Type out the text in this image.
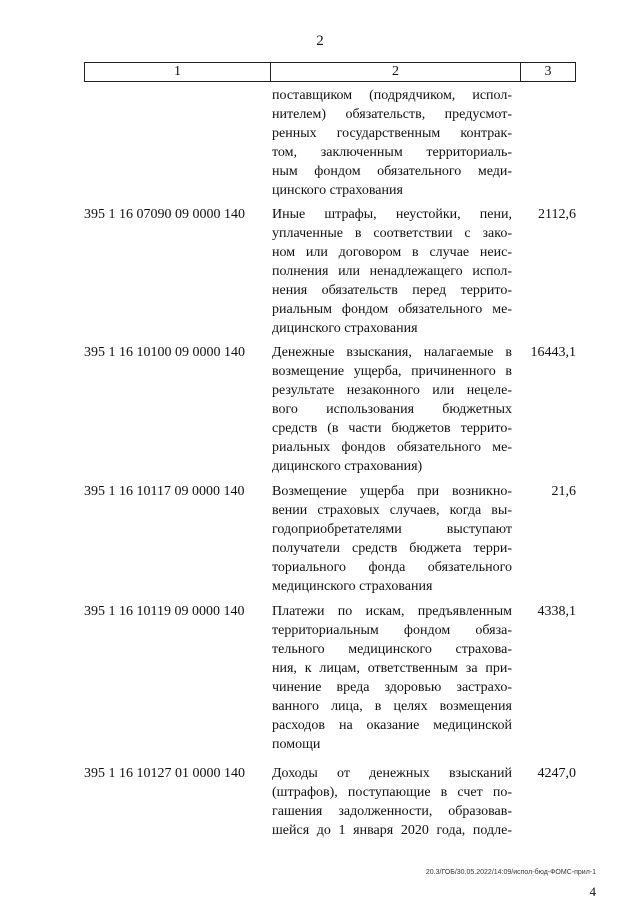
2
1	2	3
поставщиком (подрядчиком, испол-
нителем) обязательств, предусмот-
ренных государственным контрак-
том, заключенным территориаль-
ным фондом обязательного меди-
цинского страхования
395 1 16 07090 09 0000 140	Иные штрафы, неустойки, пени,
уплаченные в соответствии с зако-
ном или договором в случае неис-
полнения или ненадлежащего испол-
нения обязательств перед террито-
риальным фондом обязательного ме-
дицинского страхования
2112,6
395 1 16 10100 09 0000 140	Денежные взыскания, налагаемые в
возмещение ущерба, причиненного в
результате незаконного или нецеле-
вого использования бюджетных
средств (в части бюджетов террито-
риальных фондов обязательного ме-
дицинского страхования)
16443,1
395 1 16 10117 09 0000 140	Возмещение ущерба при возникно-
вении страховых случаев, когда вы-
годоприобретателями выступают
получатели средств бюджета терри-
ториального фонда обязательного
медицинского страхования
21,6
395 1 16 10119 09 0000 140	Платежи по искам, предъявленным
территориальным фондом обяза-
тельного медицинского страхова-
ния, к лицам, ответственным за при-
чинение вреда здоровью застрахо-
ванного лица, в целях возмещения
расходов на оказание медицинской
помощи
4338,1
395 1 16 10127 01 0000 140	Доходы от денежных взысканий
(штрафов), поступающие в счет по-
гашения задолженности, образовав-
шейся до 1 января 2020 года, подле-
4247,0
20.3/ГОБ/30.05.2022/14:09/испол-бюд-ФОМС-прил-1
4
